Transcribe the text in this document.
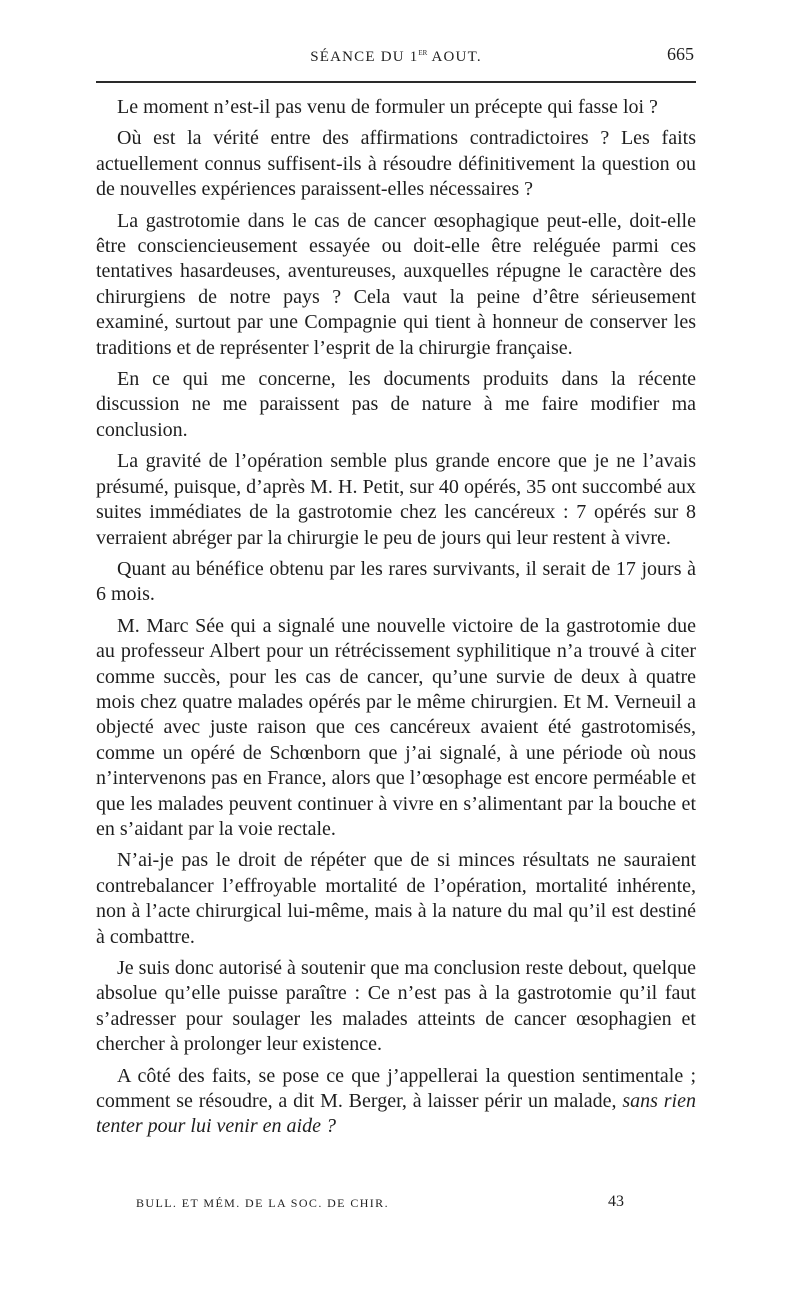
SÉANCE DU 1er AOUT.	665

Le moment n’est-il pas venu de formuler un précepte qui fasse loi ?

Où est la vérité entre des affirmations contradictoires ? Les faits actuellement connus suffisent-ils à résoudre définitivement la question ou de nouvelles expériences paraissent-elles nécessaires ?

La gastrotomie dans le cas de cancer œsophagique peut-elle, doit-elle être consciencieusement essayée ou doit-elle être reléguée parmi ces tentatives hasardeuses, aventureuses, auxquelles répugne le caractère des chirurgiens de notre pays ? Cela vaut la peine d’être sérieusement examiné, surtout par une Compagnie qui tient à honneur de conserver les traditions et de représenter l’esprit de la chirurgie française.

En ce qui me concerne, les documents produits dans la récente discussion ne me paraissent pas de nature à me faire modifier ma conclusion.

La gravité de l’opération semble plus grande encore que je ne l’avais présumé, puisque, d’après M. H. Petit, sur 40 opérés, 35 ont succombé aux suites immédiates de la gastrotomie chez les cancéreux : 7 opérés sur 8 verraient abréger par la chirurgie le peu de jours qui leur restent à vivre.

Quant au bénéfice obtenu par les rares survivants, il serait de 17 jours à 6 mois.

M. Marc Sée qui a signalé une nouvelle victoire de la gastrotomie due au professeur Albert pour un rétrécissement syphilitique n’a trouvé à citer comme succès, pour les cas de cancer, qu’une survie de deux à quatre mois chez quatre malades opérés par le même chirurgien. Et M. Verneuil a objecté avec juste raison que ces cancéreux avaient été gastrotomisés, comme un opéré de Schœnborn que j’ai signalé, à une période où nous n’intervenons pas en France, alors que l’œsophage est encore perméable et que les malades peuvent continuer à vivre en s’alimentant par la bouche et en s’aidant par la voie rectale.

N’ai-je pas le droit de répéter que de si minces résultats ne sauraient contrebalancer l’effroyable mortalité de l’opération, mortalité inhérente, non à l’acte chirurgical lui-même, mais à la nature du mal qu’il est destiné à combattre.

Je suis donc autorisé à soutenir que ma conclusion reste debout, quelque absolue qu’elle puisse paraître : Ce n’est pas à la gastrotomie qu’il faut s’adresser pour soulager les malades atteints de cancer œsophagien et chercher à prolonger leur existence.

A côté des faits, se pose ce que j’appellerai la question sentimentale ; comment se résoudre, a dit M. Berger, à laisser périr un malade, sans rien tenter pour lui venir en aide ?

BULL. ET MÉM. DE LA SOC. DE CHIR.	43
